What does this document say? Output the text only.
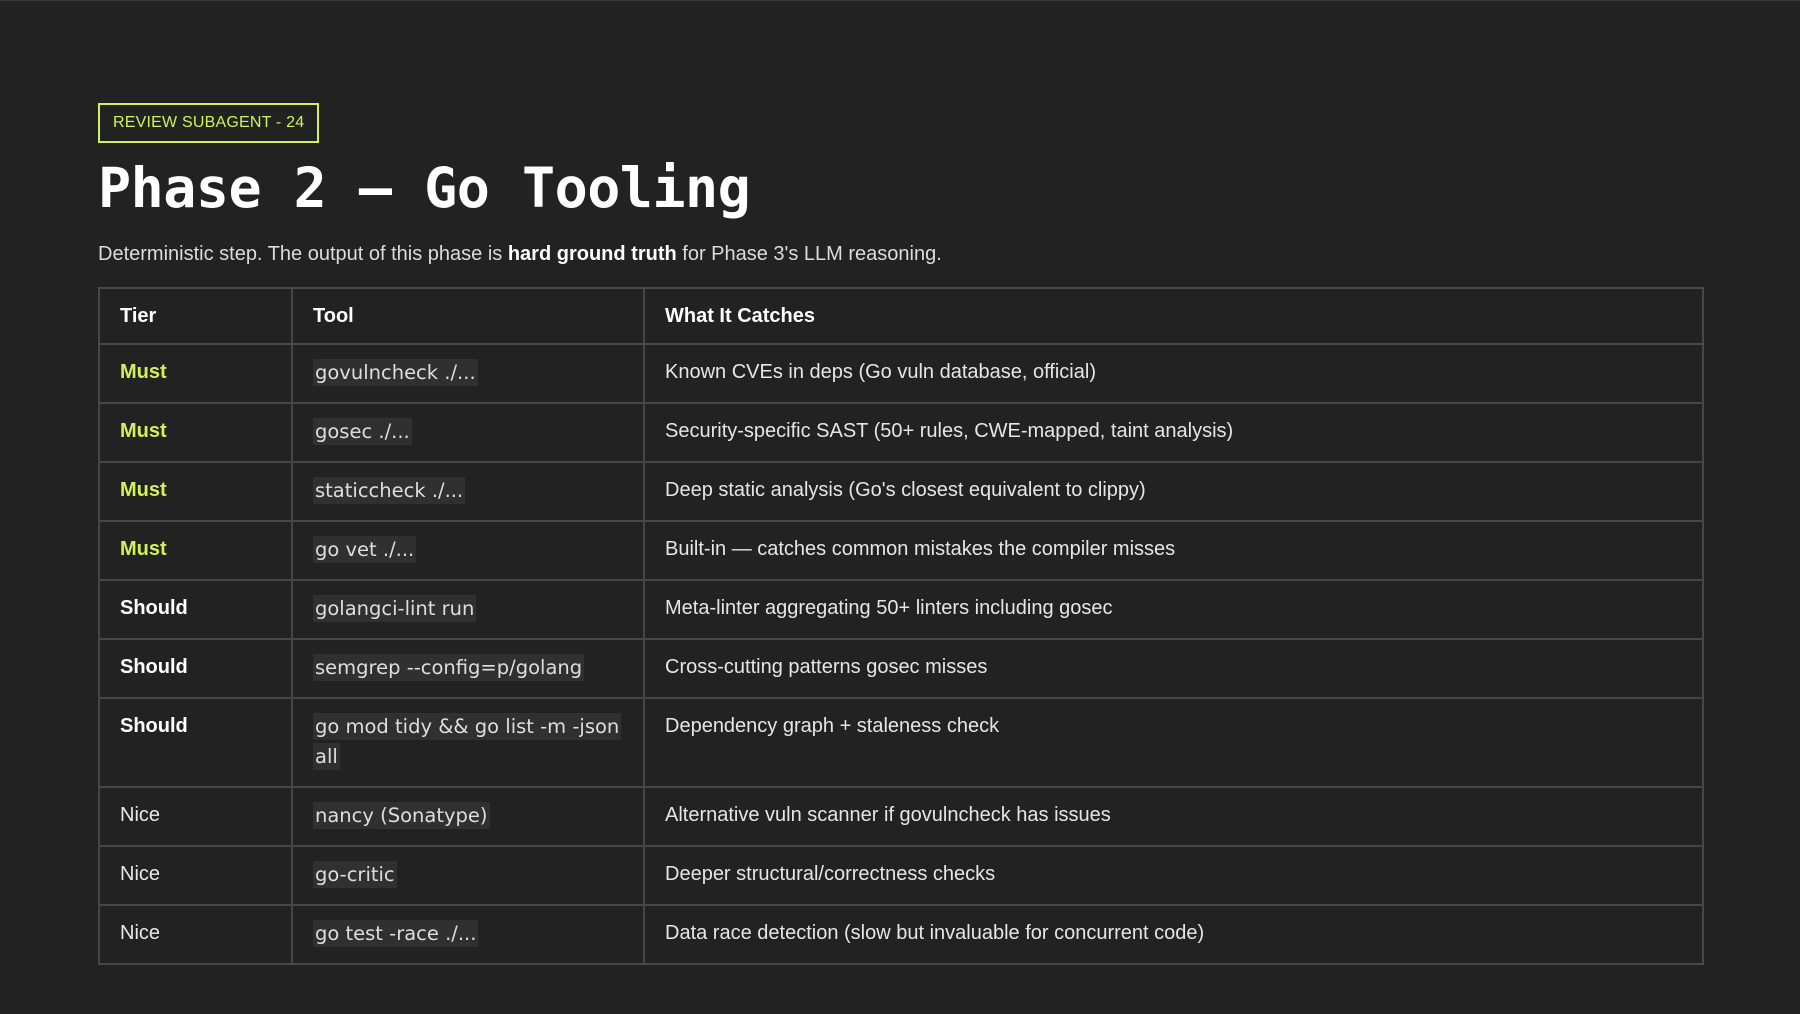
REVIEW SUBAGENT - 24
Phase 2 — Go Tooling

Deterministic step. The output of this phase is hard ground truth for Phase 3's LLM reasoning.

Tier	Tool	What It Catches
Must	govulncheck ./...	Known CVEs in deps (Go vuln database, official)
Must	gosec ./...	Security-specific SAST (50+ rules, CWE-mapped, taint analysis)
Must	staticcheck ./...	Deep static analysis (Go's closest equivalent to clippy)
Must	go vet ./...	Built-in — catches common mistakes the compiler misses
Should	golangci-lint run	Meta-linter aggregating 50+ linters including gosec
Should	semgrep --config=p/golang	Cross-cutting patterns gosec misses
Should	go mod tidy && go list -m -json all	Dependency graph + staleness check
Nice	nancy (Sonatype)	Alternative vuln scanner if govulncheck has issues
Nice	go-critic	Deeper structural/correctness checks
Nice	go test -race ./...	Data race detection (slow but invaluable for concurrent code)
